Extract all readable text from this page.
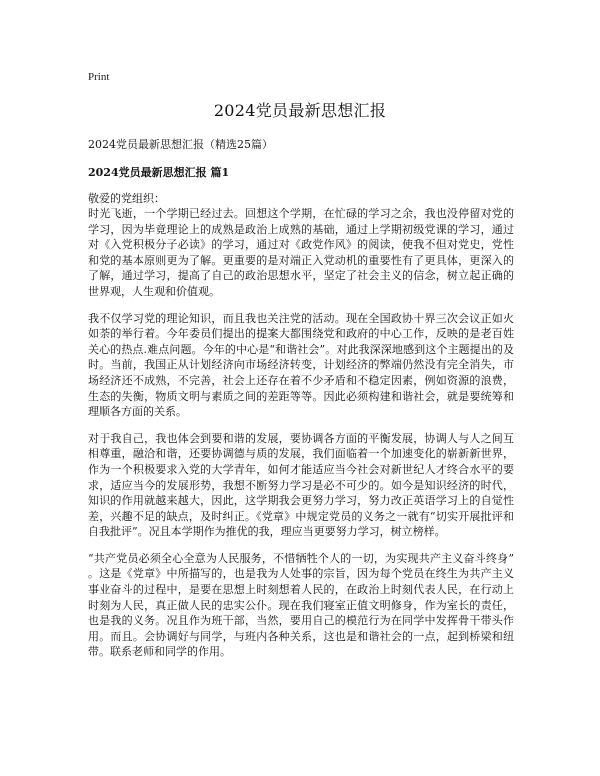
Print
2024党员最新思想汇报
2024党员最新思想汇报（精选25篇）
2024党员最新思想汇报 篇1
敬爱的党组织：

时光飞逝，一个学期已经过去。回想这个学期，在忙碌的学习之余，我也没停留对党的学习，因为毕竟理论上的成熟是政治上成熟的基础，通过上学期初级党课的学习，通过对《入党积极分子必读》的学习，通过对《政党作风》的阅读，使我不但对党史，党性和党的基本原则更为了解。更重要的是对端正入党动机的重要性有了更具体，更深入的了解，通过学习，提高了自己的政治思想水平，坚定了社会主义的信念，树立起正确的世界观，人生观和价值观。

我不仅学习党的理论知识，而且我也关注党的活动。现在全国政协十界三次会议正如火如荼的举行着。今年委员们提出的提案大都围绕党和政府的中心工作，反映的是老百姓关心的热点.难点问题。今年的中心是“和谐社会”。对此我深深地感到这个主题提出的及时。当前，我国正从计划经济向市场经济转变，计划经济的弊端仍然没有完全消失，市场经济还不成熟，不完善，社会上还存在着不少矛盾和不稳定因素，例如资源的浪费，生态的失衡，物质文明与素质之间的差距等等。因此必须构建和谐社会，就是要统筹和理顺各方面的关系。

对于我自己，我也体会到要和谐的发展，要协调各方面的平衡发展，协调人与人之间互相尊重，融洽和谐，还要协调德与质的发展，我们面临着一个加速变化的崭新新世界，作为一个积极要求入党的大学青年，如何才能适应当今社会对新世纪人才终合水平的要求，适应当今的发展形势，我想不断努力学习是必不可少的。如今是知识经济的时代，知识的作用就越来越大，因此，这学期我会更努力学习，努力改正英语学习上的自觉性差，兴趣不足的缺点，及时纠正。《党章》中规定党员的义务之一就有“切实开展批评和自我批评”。况且本学期作为推优的我，理应当更要努力学习，树立榜样。

“共产党员必须全心全意为人民服务，不惜牺牲个人的一切，为实现共产主义奋斗终身”。这是《党章》中所描写的，也是我为人处事的宗旨，因为每个党员在终生为共产主义事业奋斗的过程中，是要在思想上时刻想着人民的，在政治上时刻代表人民，在行动上时刻为人民，真正做人民的忠实公仆。现在我们寝室正值文明修身，作为室长的责任，也是我的义务。况且作为班干部，当然，要用自己的模范行为在同学中发挥骨干带头作用。而且。会协调好与同学，与班内各种关系，这也是和谐社会的一点，起到桥梁和纽带。联系老师和同学的作用。
